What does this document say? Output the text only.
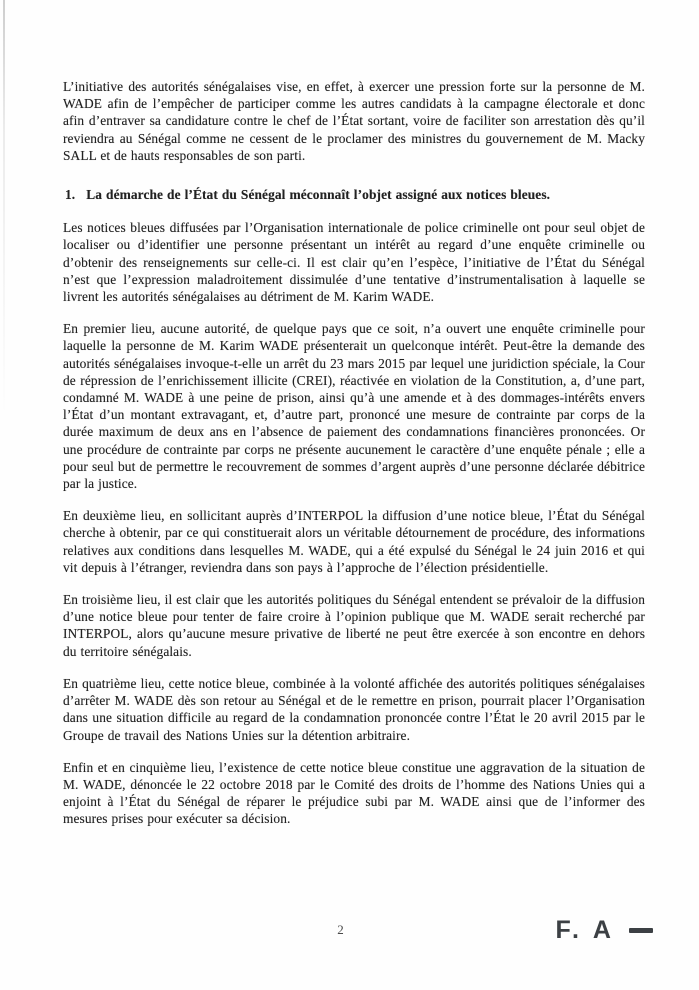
L’initiative des autorités sénégalaises vise, en effet, à exercer une pression forte sur la personne de M. WADE afin de l’empêcher de participer comme les autres candidats à la campagne électorale et donc afin d’entraver sa candidature contre le chef de l’État sortant, voire de faciliter son arrestation dès qu’il reviendra au Sénégal comme ne cessent de le proclamer des ministres du gouvernement de M. Macky SALL et de hauts responsables de son parti.

1. La démarche de l’État du Sénégal méconnaît l’objet assigné aux notices bleues.

Les notices bleues diffusées par l’Organisation internationale de police criminelle ont pour seul objet de localiser ou d’identifier une personne présentant un intérêt au regard d’une enquête criminelle ou d’obtenir des renseignements sur celle-ci. Il est clair qu’en l’espèce, l’initiative de l’État du Sénégal n’est que l’expression maladroitement dissimulée d’une tentative d’instrumentalisation à laquelle se livrent les autorités sénégalaises au détriment de M. Karim WADE.

En premier lieu, aucune autorité, de quelque pays que ce soit, n’a ouvert une enquête criminelle pour laquelle la personne de M. Karim WADE présenterait un quelconque intérêt. Peut-être la demande des autorités sénégalaises invoque-t-elle un arrêt du 23 mars 2015 par lequel une juridiction spéciale, la Cour de répression de l’enrichissement illicite (CREI), réactivée en violation de la Constitution, a, d’une part, condamné M. WADE à une peine de prison, ainsi qu’à une amende et à des dommages-intérêts envers l’État d’un montant extravagant, et, d’autre part, prononcé une mesure de contrainte par corps de la durée maximum de deux ans en l’absence de paiement des condamnations financières prononcées. Or une procédure de contrainte par corps ne présente aucunement le caractère d’une enquête pénale ; elle a pour seul but de permettre le recouvrement de sommes d’argent auprès d’une personne déclarée débitrice par la justice.

En deuxième lieu, en sollicitant auprès d’INTERPOL la diffusion d’une notice bleue, l’État du Sénégal cherche à obtenir, par ce qui constituerait alors un véritable détournement de procédure, des informations relatives aux conditions dans lesquelles M. WADE, qui a été expulsé du Sénégal le 24 juin 2016 et qui vit depuis à l’étranger, reviendra dans son pays à l’approche de l’élection présidentielle.

En troisième lieu, il est clair que les autorités politiques du Sénégal entendent se prévaloir de la diffusion d’une notice bleue pour tenter de faire croire à l’opinion publique que M. WADE serait recherché par INTERPOL, alors qu’aucune mesure privative de liberté ne peut être exercée à son encontre en dehors du territoire sénégalais.

En quatrième lieu, cette notice bleue, combinée à la volonté affichée des autorités politiques sénégalaises d’arrêter M. WADE dès son retour au Sénégal et de le remettre en prison, pourrait placer l’Organisation dans une situation difficile au regard de la condamnation prononcée contre l’État le 20 avril 2015 par le Groupe de travail des Nations Unies sur la détention arbitraire.

Enfin et en cinquième lieu, l’existence de cette notice bleue constitue une aggravation de la situation de M. WADE, dénoncée le 22 octobre 2018 par le Comité des droits de l’homme des Nations Unies qui a enjoint à l’État du Sénégal de réparer le préjudice subi par M. WADE ainsi que de l’informer des mesures prises pour exécuter sa décision.

2	F. A
